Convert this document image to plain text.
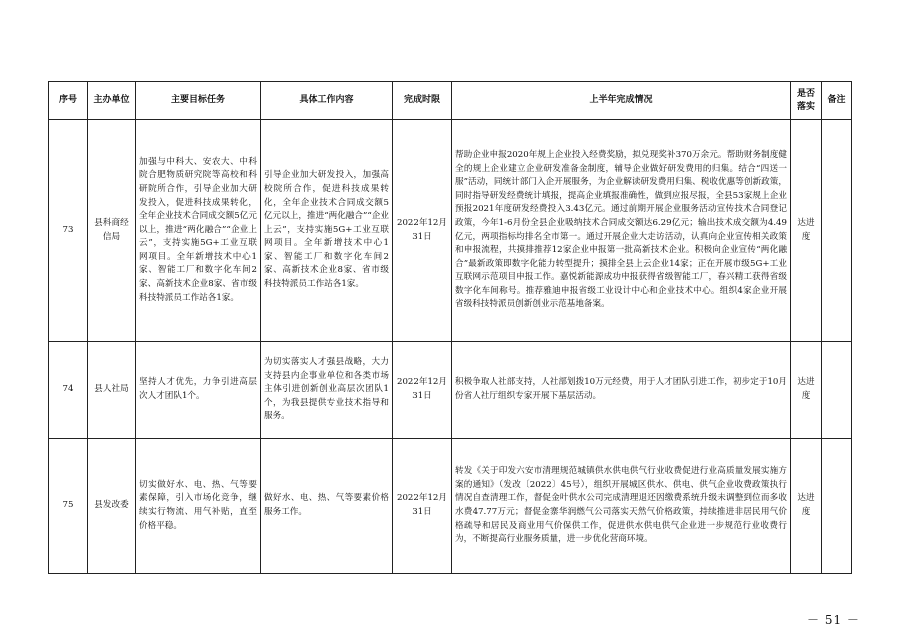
序号	主办单位	主要目标任务	具体工作内容	完成时限	上半年完成情况	是否落实	备注
73	县科商经信局	加强与中科大、安农大、中科院合肥物质研究院等高校和科研院所合作，引导企业加大研发投入，促进科技成果转化，全年企业技术合同成交额5亿元以上，推进“两化融合”“企业上云”，支持实施5G+工业互联网项目。全年新增技术中心1家、智能工厂和数字化车间2家、高新技术企业8家、省市级科技特派员工作站各1家。	引导企业加大研发投入，加强高校院所合作，促进科技成果转化，全年企业技术合同成交额5亿元以上，推进“两化融合”“企业上云”，支持实施5G+工业互联网项目。全年新增技术中心1家、智能工厂和数字化车间2家、高新技术企业8家、省市级科技特派员工作站各1家。	2022年12月31日	帮助企业申报2020年规上企业投入经费奖励，拟兑现奖补370万余元。帮助财务制度健全的规上企业建立企业研发准备金制度，辅导企业做好研发费用的归集。结合“四送一服”活动，同统计部门入企开展服务，为企业解读研发费用归集、税收优惠等创新政策，同时指导研发经费统计填报，提高企业填报准确性，做到应报尽报，全县53家规上企业预报2021年度研发经费投入3.43亿元。通过前期开展企业服务活动宣传技术合同登记政策，今年1-6月份全县企业吸纳技术合同成交额达6.29亿元；输出技术成交额为4.49亿元，两项指标均排名全市第一。通过开展企业大走访活动，认真向企业宣传相关政策和申报流程，共摸排推荐12家企业申报第一批高新技术企业。积极向企业宣传“两化融合”最新政策即数字化能力转型提升；摸排全县上云企业14家；正在开展市级5G+工业互联网示范项目申报工作。嘉悦新能源成功申报获得省级智能工厂，春兴精工获得省级数字化车间称号。推荐雅迪申报省级工业设计中心和企业技术中心。组织4家企业开展省级科技特派员创新创业示范基地备案。	达进度	
74	县人社局	坚持人才优先，力争引进高层次人才团队1个。	为切实落实人才强县战略，大力支持县内企事业单位和各类市场主体引进创新创业高层次团队1个，为我县提供专业技术指导和服务。	2022年12月31日	积极争取人社部支持，人社部划拨10万元经费，用于人才团队引进工作，初步定于10月份省人社厅组织专家开展下基层活动。	达进度	
75	县发改委	切实做好水、电、热、气等要素保障，引入市场化竞争，继续实行物流、用气补贴，直至价格平稳。	做好水、电、热、气等要素价格服务工作。	2022年12月31日	转发《关于印发六安市清理规范城镇供水供电供气行业收费促进行业高质量发展实施方案的通知》（发改〔2022〕45号），组织开展城区供水、供电、供气企业收费政策执行情况自查清理工作，督促金叶供水公司完成清理退还因缴费系统升级未调整到位而多收水费47.77万元；督促金寨华润燃气公司落实天然气价格政策，持续推进非居民用气价格疏导和居民及商业用气价保供工作，促进供水供电供气企业进一步规范行业收费行为，不断提高行业服务质量，进一步优化营商环境。	达进度	
－ 51 －
